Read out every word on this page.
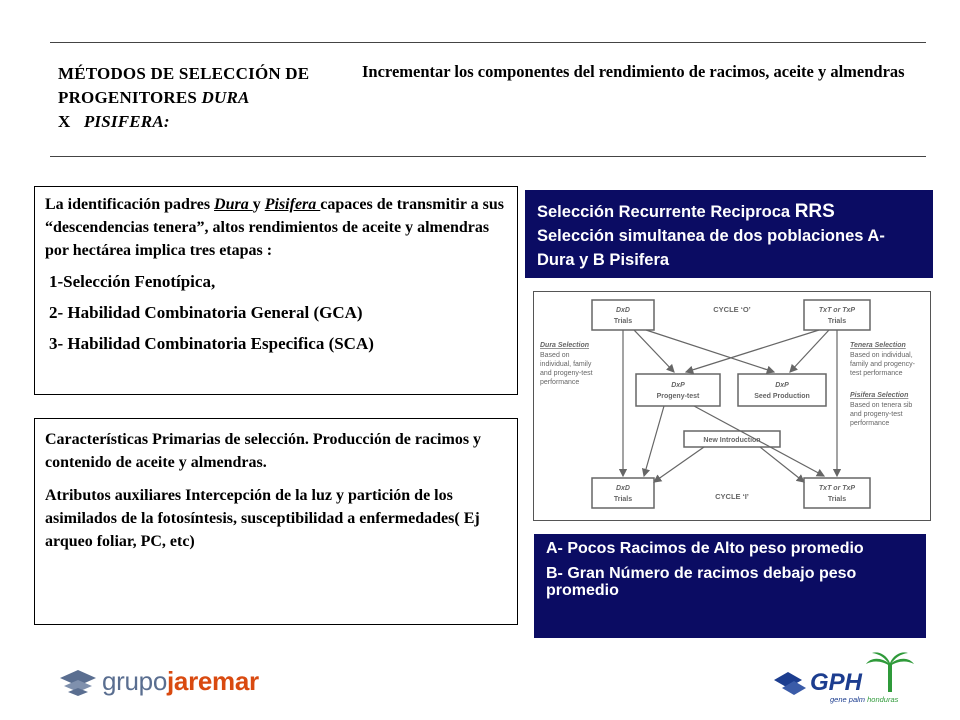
MÉTODOS DE SELECCIÓN DE PROGENITORES DURA
X PISIFERA:
Incrementar los componentes del rendimiento de racimos, aceite y almendras
La identificación padres Dura y Pisifera capaces de transmitir a sus “descendencias tenera”, altos rendimientos de aceite y almendras por hectárea implica tres etapas :
1-Selección Fenotípica,
2- Habilidad Combinatoria General (GCA)
3- Habilidad Combinatoria Especifica (SCA)
Características Primarias de selección. Producción de racimos y contenido de aceite y almendras.
Atributos auxiliares Intercepción de la luz y partición de los asimilados de la fotosíntesis, susceptibilidad a enfermedades( Ej arqueo foliar, PC, etc)
Selección Recurrente Reciproca RRS
Selección simultanea de dos poblaciones A-Dura y B Pisifera
DxD
Trials
CYCLE ‘O’	TxT or TxP
Trials
Dura Selection
Based on
individual, family
and progeny-test
performance
Tenera Selection
Based on individual,
family and progency-
test performance
Pisifera Selection
Based on tenera sib
and progeny-test
performance
DxP
Progeny-test
DxP
Seed Production
New Introduction
DxD
Trials	CYCLE ‘I’
TxT or TxP
Trials
A- Pocos Racimos de Alto peso promedio
B- Gran Número de racimos debajo peso promedio
grupojaremar	GPH
gene palm honduras
